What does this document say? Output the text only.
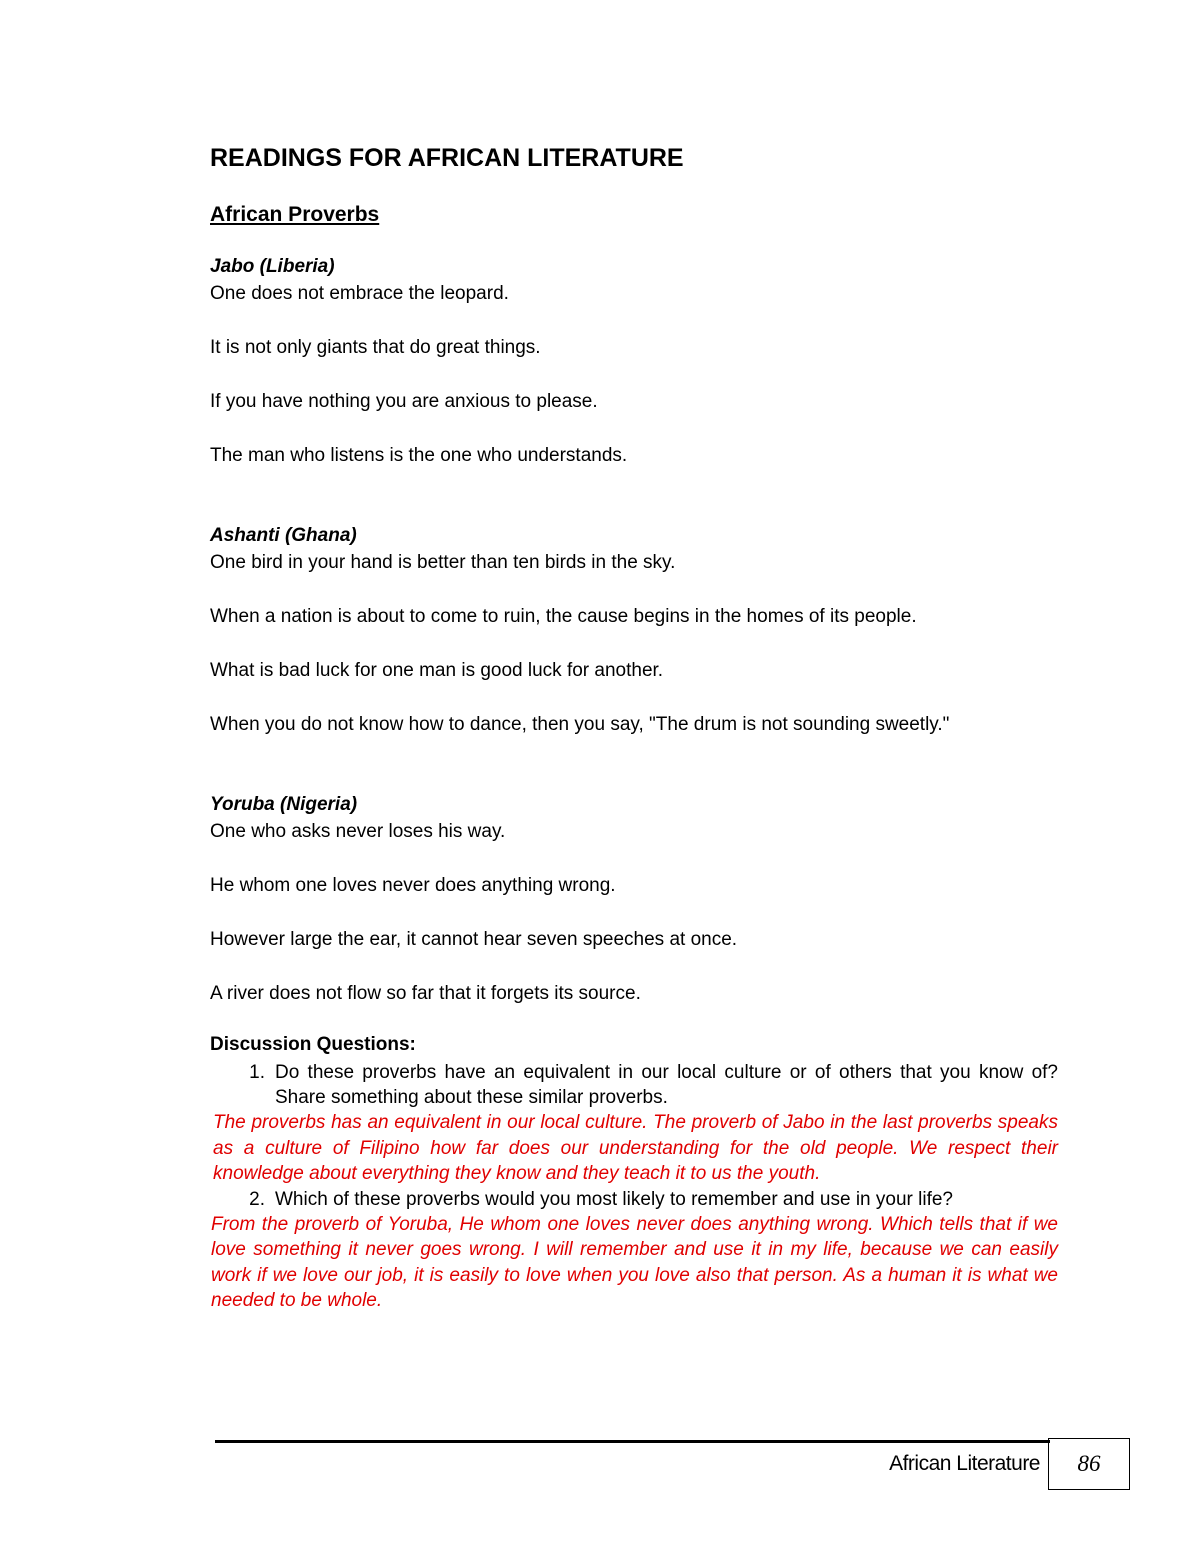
READINGS FOR AFRICAN LITERATURE
African Proverbs

Jabo (Liberia)

One does not embrace the leopard.

It is not only giants that do great things.

If you have nothing you are anxious to please.

The man who listens is the one who understands.

Ashanti (Ghana)

One bird in your hand is better than ten birds in the sky.

When a nation is about to come to ruin, the cause begins in the homes of its people.

What is bad luck for one man is good luck for another.

When you do not know how to dance, then you say, "The drum is not sounding sweetly."

Yoruba (Nigeria)

One who asks never loses his way.

He whom one loves never does anything wrong.

However large the ear, it cannot hear seven speeches at once.

A river does not flow so far that it forgets its source.

Discussion Questions:

1. Do these proverbs have an equivalent in our local culture or of others that you know of? Share something about these similar proverbs.

The proverbs has an equivalent in our local culture. The proverb of Jabo in the last proverbs speaks as a culture of Filipino how far does our understanding for the old people. We respect their knowledge about everything they know and they teach it to us the youth.

2. Which of these proverbs would you most likely to remember and use in your life?

From the proverb of Yoruba, He whom one loves never does anything wrong. Which tells that if we love something it never goes wrong. I will remember and use it in my life, because we can easily work if we love our job, it is easily to love when you love also that person. As a human it is what we needed to be whole.

African Literature 86
